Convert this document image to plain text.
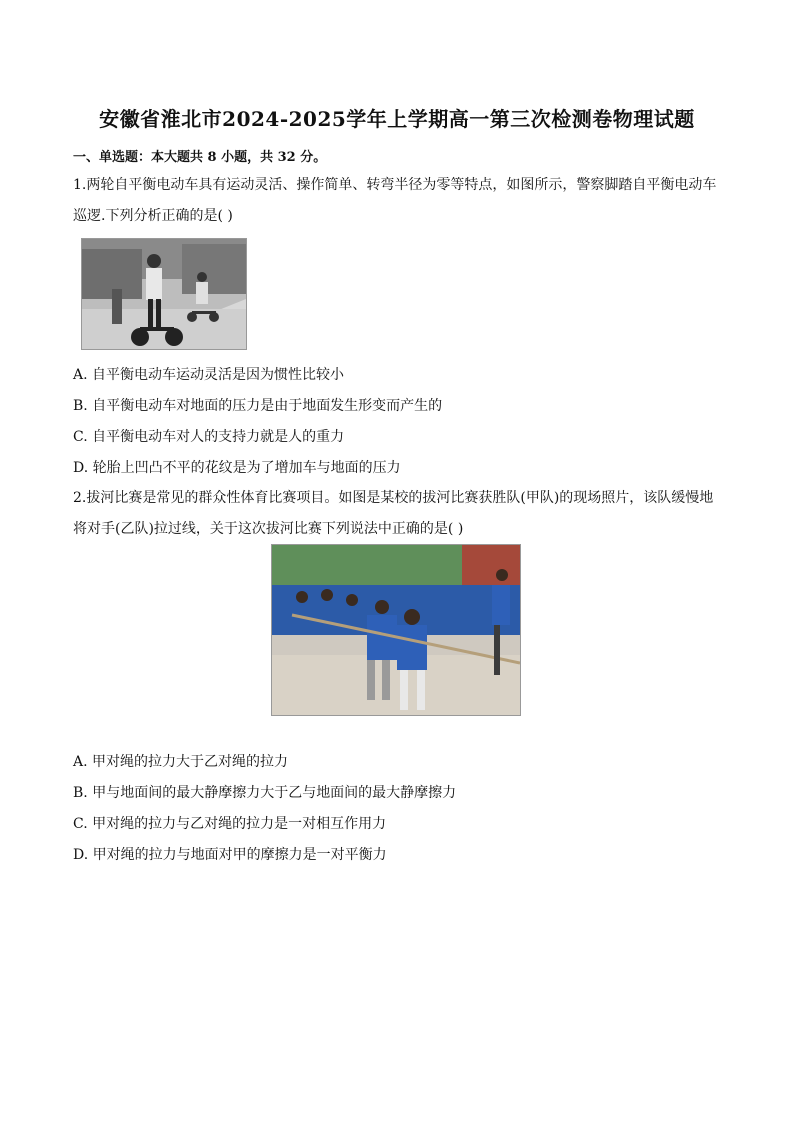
安徽省淮北市2024-2025学年上学期高一第三次检测卷物理试题
一、单选题：本大题共 8 小题，共 32 分。
1.两轮自平衡电动车具有运动灵活、操作简单、转弯半径为零等特点，如图所示，警察脚踏自平衡电动车巡逻.下列分析正确的是( )
A. 自平衡电动车运动灵活是因为惯性比较小
B. 自平衡电动车对地面的压力是由于地面发生形变而产生的
C. 自平衡电动车对人的支持力就是人的重力
D. 轮胎上凹凸不平的花纹是为了增加车与地面的压力
2.拔河比赛是常见的群众性体育比赛项目。如图是某校的拔河比赛获胜队(甲队)的现场照片，该队缓慢地将对手(乙队)拉过线，关于这次拔河比赛下列说法中正确的是( )
A. 甲对绳的拉力大于乙对绳的拉力
B. 甲与地面间的最大静摩擦力大于乙与地面间的最大静摩擦力
C. 甲对绳的拉力与乙对绳的拉力是一对相互作用力
D. 甲对绳的拉力与地面对甲的摩擦力是一对平衡力
